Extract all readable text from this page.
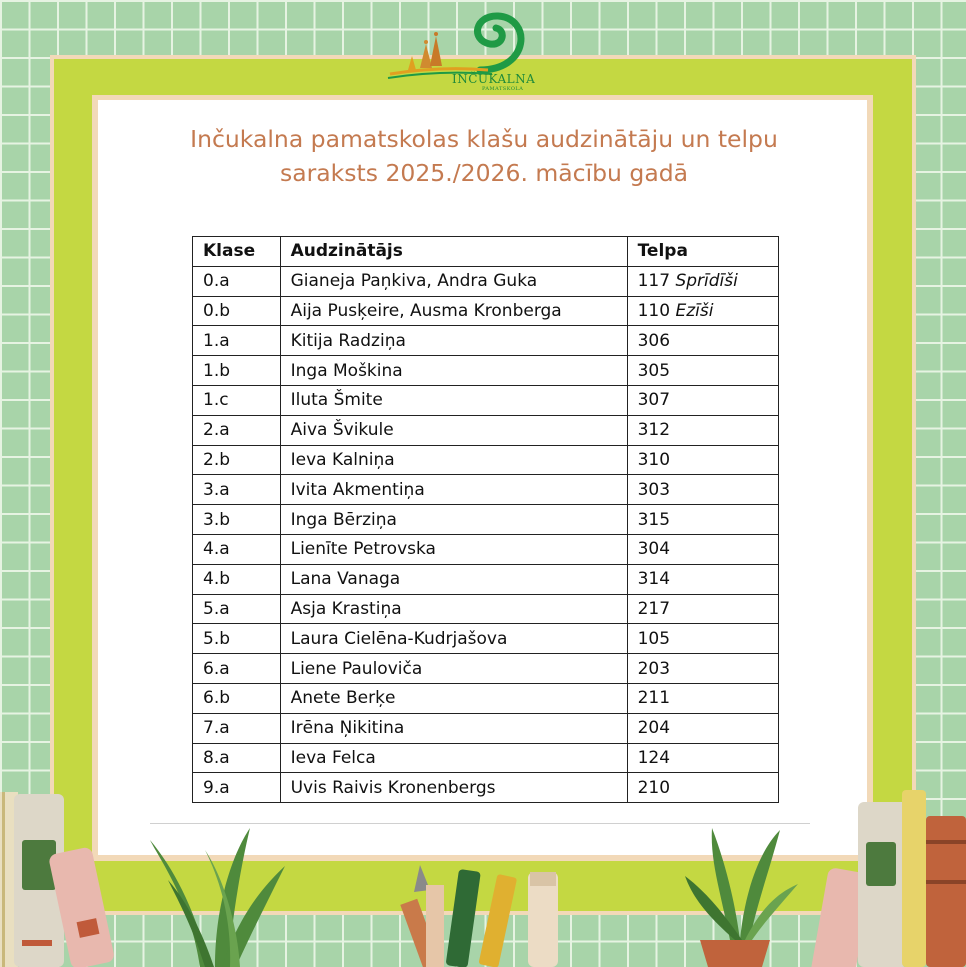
INČUKALNA
PAMATSKOLA
Inčukalna pamatskolas klašu audzinātāju un telpu
saraksts 2025./2026. mācību gadā
Klase	Audzinātājs	Telpa
0.a	Gianeja Paņkiva, Andra Guka	117 Sprīdīši
0.b	Aija Pusķeire, Ausma Kronberga	110 Ezīši
1.a	Kitija Radziņa	306
1.b	Inga Moškina	305
1.c	Iluta Šmite	307
2.a	Aiva Švikule	312
2.b	Ieva Kalniņa	310
3.a	Ivita Akmentiņa	303
3.b	Inga Bērziņa	315
4.a	Lienīte Petrovska	304
4.b	Lana Vanaga	314
5.a	Asja Krastiņa	217
5.b	Laura Cielēna-Kudrjašova	105
6.a	Liene Pauloviča	203
6.b	Anete Berķe	211
7.a	Irēna Ņikitina	204
8.a	Ieva Felca	124
9.a	Uvis Raivis Kronenbergs	210
